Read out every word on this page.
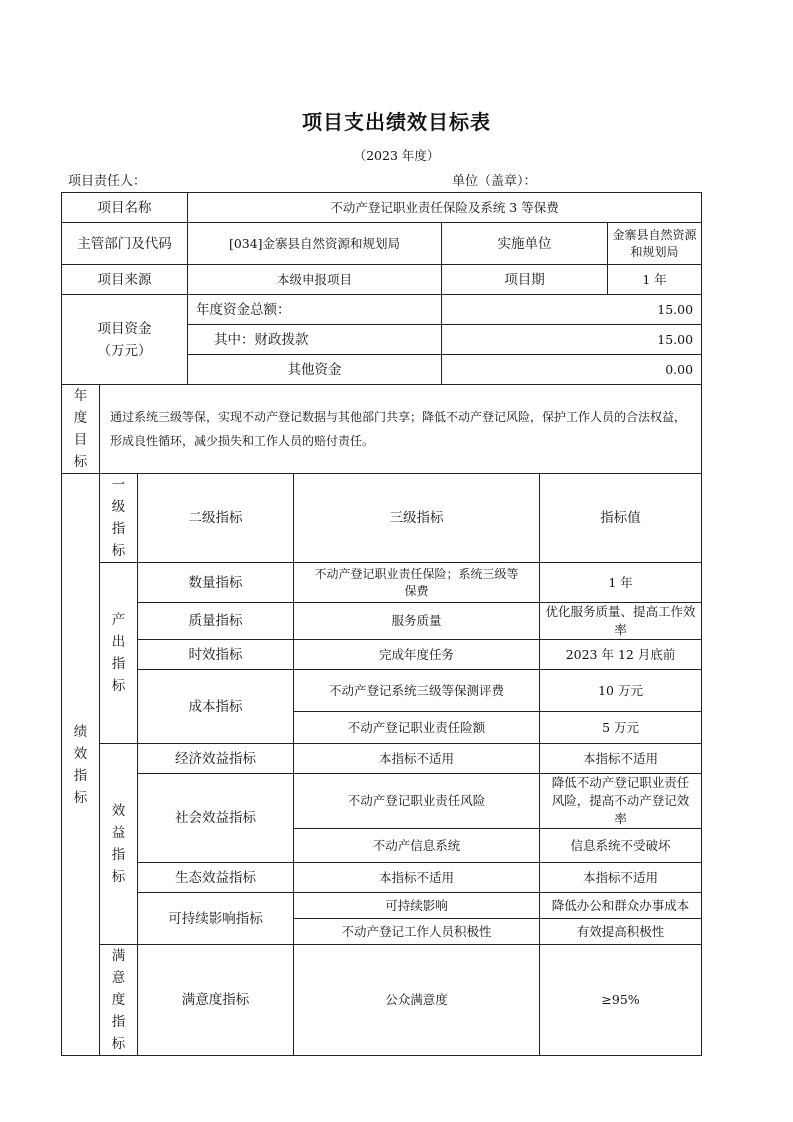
项目支出绩效目标表
（2023 年度）
项目责任人：	单位（盖章）：
项目名称			不动产登记职业责任保险及系统 3 等保费				
主管部门及代码			[034]金寨县自然资源和规划局		实施单位		金寨县自然资源和规划局
项目来源			本级申报项目		项目期		1 年
项目资金（万元）			年度资金总额：		15.00		
			其中：财政拨款		15.00		
			其他资金		0.00		
年度目标	通过系统三级等保，实现不动产登记数据与其他部门共享；降低不动产登记风险，保护工作人员的合法权益，形成良性循环，减少损失和工作人员的赔付责任。						
绩效指标	一级指标	二级指标		三级指标		指标值	
	产出指标	数量指标		不动产登记职业责任保险；系统三级等保费		1 年	
		质量指标		服务质量		优化服务质量、提高工作效率	
		时效指标		完成年度任务		2023 年 12 月底前	
		成本指标		不动产登记系统三级等保测评费		10 万元	
				不动产登记职业责任险额		5 万元	
	效益指标	经济效益指标		本指标不适用		本指标不适用	
		社会效益指标		不动产登记职业责任风险		降低不动产登记职业责任风险，提高不动产登记效率	
				不动产信息系统		信息系统不受破坏	
		生态效益指标		本指标不适用		本指标不适用	
		可持续影响指标		可持续影响		降低办公和群众办事成本	
				不动产登记工作人员积极性		有效提高积极性	

	满意度指标	满意度指标		公众满意度		≥95%	
